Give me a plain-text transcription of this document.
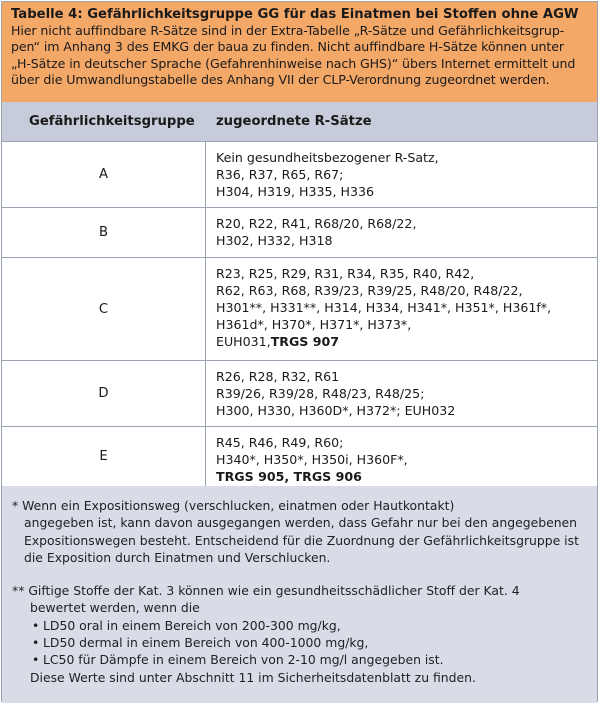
Tabelle 4: Gefährlichkeitsgruppe GG für das Einatmen bei Stoffen ohne AGW
Hier nicht auffindbare R-Sätze sind in der Extra-Tabelle „R-Sätze und Gefährlichkeitsgrup-
pen“ im Anhang 3 des EMKG der baua zu finden. Nicht auffindbare H-Sätze können unter
„H-Sätze in deutscher Sprache (Gefahrenhinweise nach GHS)“ übers Internet ermittelt und
über die Umwandlungstabelle des Anhang VII der CLP-Verordnung zugeordnet werden.
Gefährlichkeitsgruppe zugeordnete R-Sätze
A
Kein gesundheitsbezogener R-Satz,
R36, R37, R65, R67;
H304, H319, H335, H336
B
R20, R22, R41, R68/20, R68/22,
H302, H332, H318
C
R23, R25, R29, R31, R34, R35, R40, R42,
R62, R63, R68, R39/23, R39/25, R48/20, R48/22,
H301**, H331**, H314, H334, H341*, H351*, H361f*,
H361d*, H370*, H371*, H373*,
EUH031,TRGS 907
D
R26, R28, R32, R61
R39/26, R39/28, R48/23, R48/25;
H300, H330, H360D*, H372*; EUH032
E
R45, R46, R49, R60;
H340*, H350*, H350i, H360F*,
TRGS 905, TRGS 906
* Wenn ein Expositionsweg (verschlucken, einatmen oder Hautkontakt)
angegeben ist, kann davon ausgegangen werden, dass Gefahr nur bei den angegebenen
Expositionswegen besteht. Entscheidend für die Zuordnung der Gefährlichkeitsgruppe ist
die Exposition durch Einatmen und Verschlucken.
** Giftige Stoffe der Kat. 3 können wie ein gesundheitsschädlicher Stoff der Kat. 4
bewertet werden, wenn die
• LD50 oral in einem Bereich von 200-300 mg/kg,
• LD50 dermal in einem Bereich von 400-1000 mg/kg,
• LC50 für Dämpfe in einem Bereich von 2-10 mg/l angegeben ist.
Diese Werte sind unter Abschnitt 11 im Sicherheitsdatenblatt zu finden.
